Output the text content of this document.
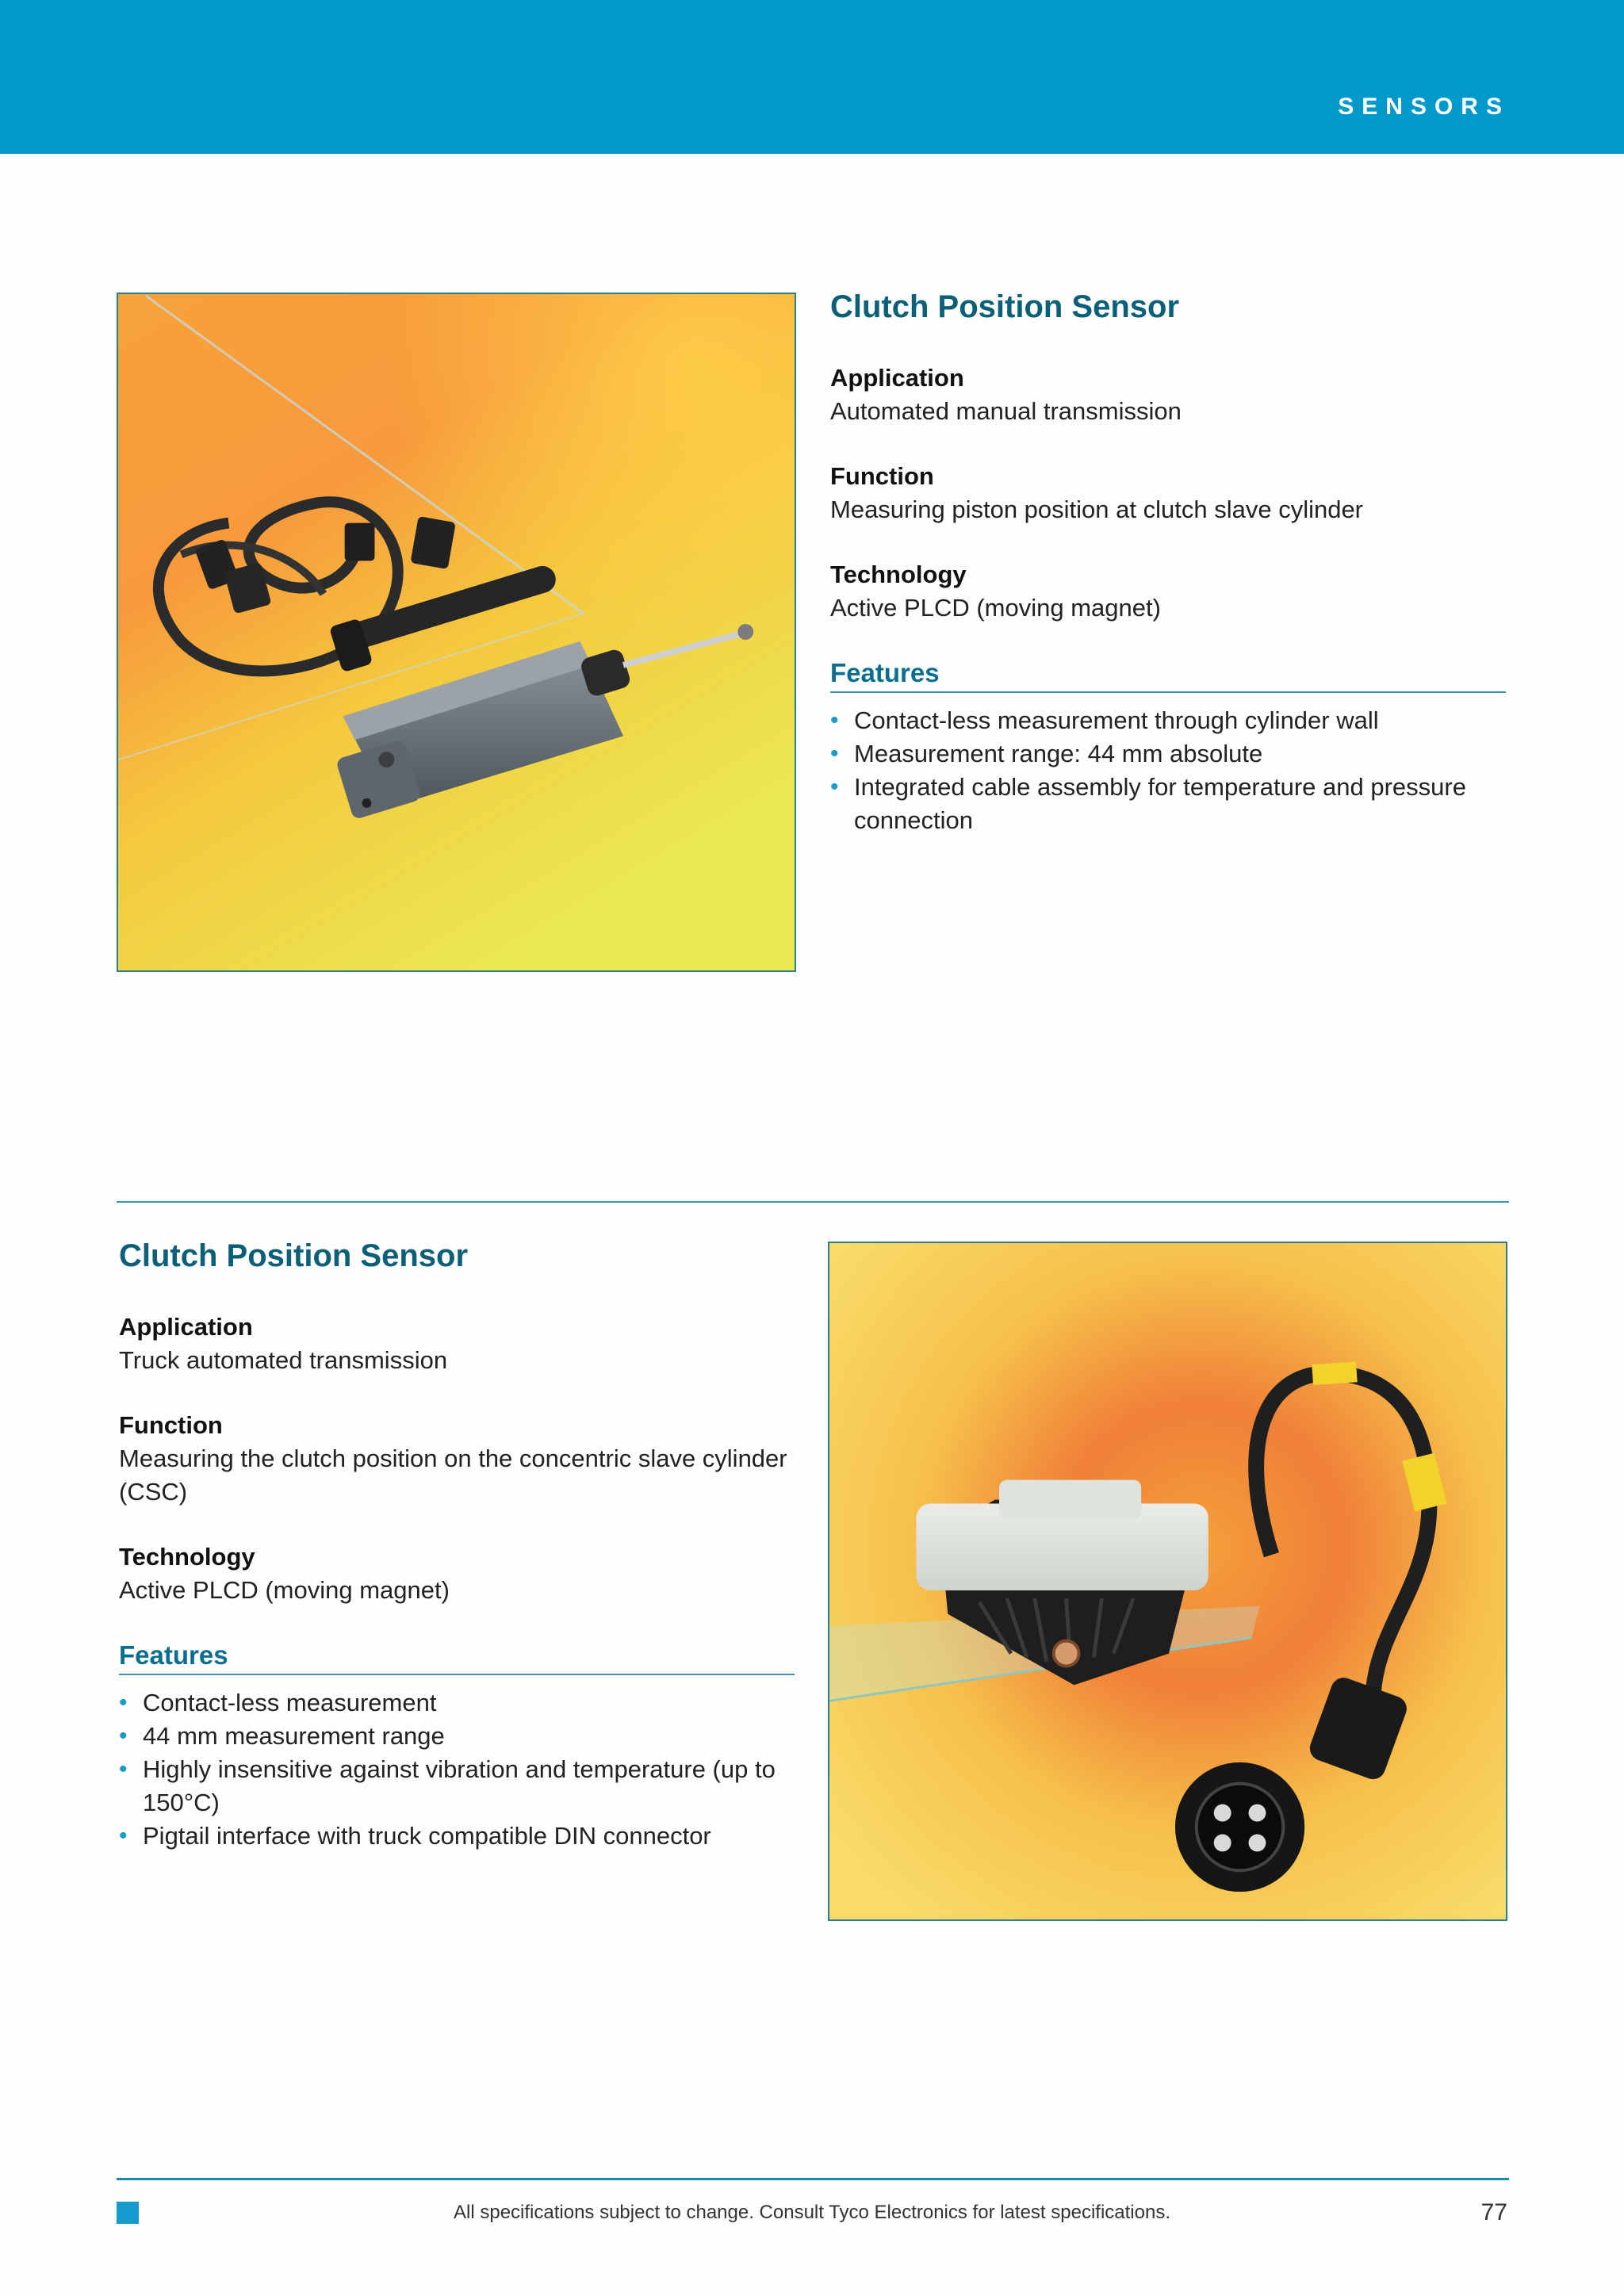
SENSORS
Clutch Position Sensor
Application
Automated manual transmission
Function
Measuring piston position at clutch slave cylinder
Technology
Active PLCD (moving magnet)
Features
• Contact-less measurement through cylinder wall
• Measurement range: 44 mm absolute
• Integrated cable assembly for temperature and pressure connection
Clutch Position Sensor
Application
Truck automated transmission
Function
Measuring the clutch position on the concentric slave cylinder (CSC)
Technology
Active PLCD (moving magnet)
Features
• Contact-less measurement
• 44 mm measurement range
• Highly insensitive against vibration and temperature (up to 150°C)
• Pigtail interface with truck compatible DIN connector
All specifications subject to change. Consult Tyco Electronics for latest specifications.	77
